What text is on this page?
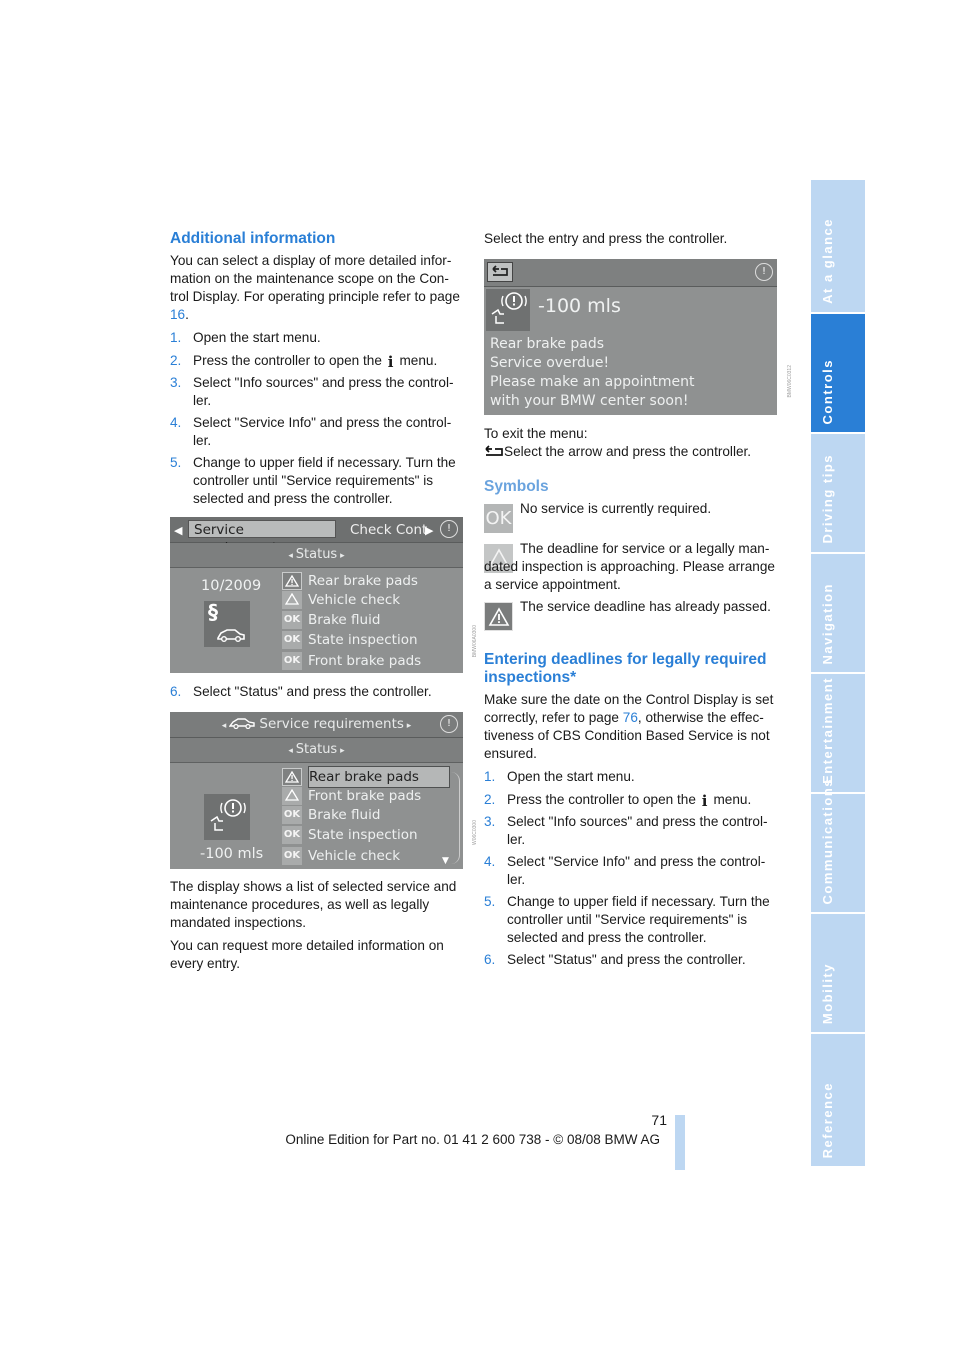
Additional information

You can select a display of more detailed infor-mation on the maintenance scope on the Con-trol Display. For operating principle refer to page 16.

1. Open the start menu.
2. Press the controller to open the i menu.
3. Select "Info sources" and press the control-ler.
4. Select "Service Info" and press the control-ler.
5. Change to upper field if necessary. Turn the controller until "Service requirements" is selected and press the controller.
◀ Service	Check Cont
▶	!
◂ Status ▸
10/2009
§
Rear brake pads
Vehicle check
OK Brake fluid
OK State inspection
OK Front brake pads
BMW06A0300
6. Select "Status" and press the controller.
◂  Service requirements ▸	!
◂ Status ▸
-100 mls
Rear brake pads
Front brake pads
OK Brake fluid
OK State inspection
OK Vehicle check	▼
W06C0300

The display shows a list of selected service and maintenance procedures, as well as legally mandated inspections.

You can request more detailed information on every entry.

Select the entry and press the controller.

!
-100 mls
Rear brake pads
Service overdue!
Please make an appointment
with your BMW center soon!
BMW06C0312

To exit the menu:

Select the arrow and press the controller.

Symbols
OK No service is currently required.

The deadline for service or a legally man-dated inspection is approaching. Please arrange a service appointment.

The service deadline has already passed.

Entering deadlines for legally required inspections*

Make sure the date on the Control Display is set correctly, refer to page 76, otherwise the effec-tiveness of CBS Condition Based Service is not ensured.

1. Open the start menu.
2. Press the controller to open the i menu.
3. Select "Info sources" and press the control-ler.
4. Select "Service Info" and press the control-ler.
5. Change to upper field if necessary. Turn the controller until "Service requirements" is selected and press the controller.
6. Select "Status" and press the controller.
At a glance
Controls
Driving tips
Navigation
Entertainment
Communications
Mobility
Reference
71
Online Edition for Part no. 01 41 2 600 738 - © 08/08 BMW AG
